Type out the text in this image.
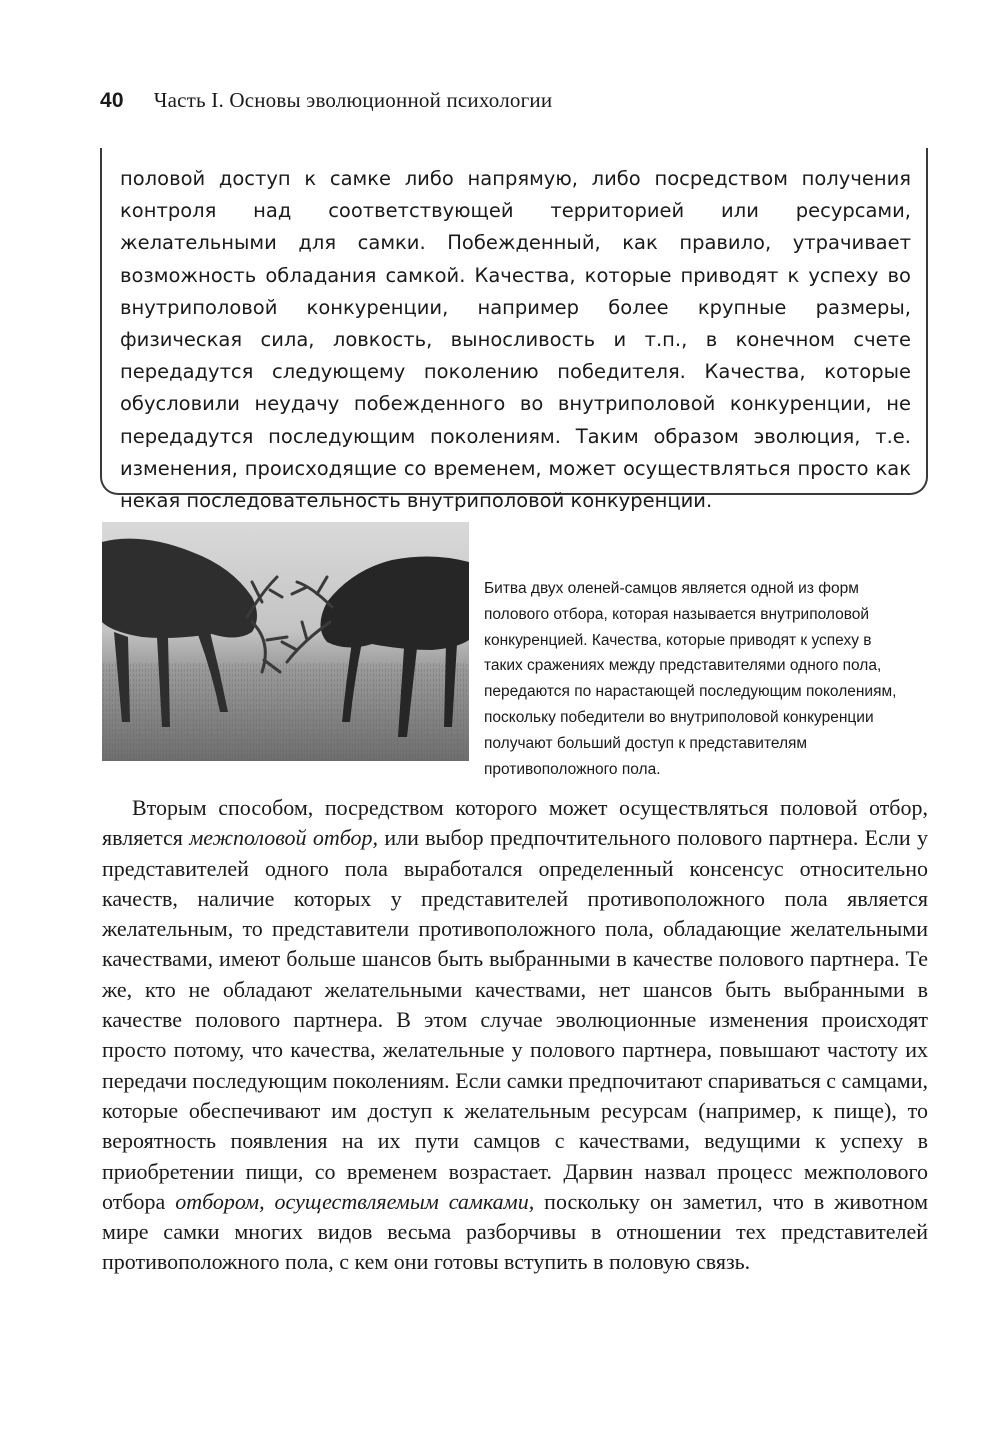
40 Часть I. Основы эволюционной психологии
половой доступ к самке либо напрямую, либо посредством получения контроля над соответствующей территорией или ресурсами, желательными для самки. Побежденный, как правило, утрачивает возможность обладания самкой. Качества, которые приводят к успеху во внутриполовой конкуренции, например более крупные размеры, физическая сила, ловкость, выносливость и т.п., в конечном счете передадутся следующему поколению победителя. Качества, которые обусловили неудачу побежденного во внутриполовой конкуренции, не передадутся последующим поколениям. Таким образом эволюция, т.е. изменения, происходящие со временем, может осуществляться просто как некая последовательность внутриполовой конкуренции.
Битва двух оленей-самцов является одной из форм полового отбора, которая называется внутриполовой конкуренцией. Качества, которые приводят к успеху в таких сражениях между представителями одного пола, передаются по нарастающей последующим поколениям, поскольку победители во внутриполовой конкуренции получают больший доступ к представителям противоположного пола.

Вторым способом, посредством которого может осуществляться половой отбор, является межполовой отбор, или выбор предпочтительного полового партнера. Если у представителей одного пола выработался определенный консенсус относительно качеств, наличие которых у представителей противоположного пола является желательным, то представители противоположного пола, обладающие желательными качествами, имеют больше шансов быть выбранными в качестве полового партнера. Те же, кто не обладают желательными качествами, нет шансов быть выбранными в качестве полового партнера. В этом случае эволюционные изменения происходят просто потому, что качества, желательные у полового партнера, повышают частоту их передачи последующим поколениям. Если самки предпочитают спариваться с самцами, которые обеспечивают им доступ к желательным ресурсам (например, к пище), то вероятность появления на их пути самцов с качествами, ведущими к успеху в приобретении пищи, со временем возрастает. Дарвин назвал процесс межполового отбора отбором, осуществляемым самками, поскольку он заметил, что в животном мире самки многих видов весьма разборчивы в отношении тех представителей противоположного пола, с кем они готовы вступить в половую связь.
